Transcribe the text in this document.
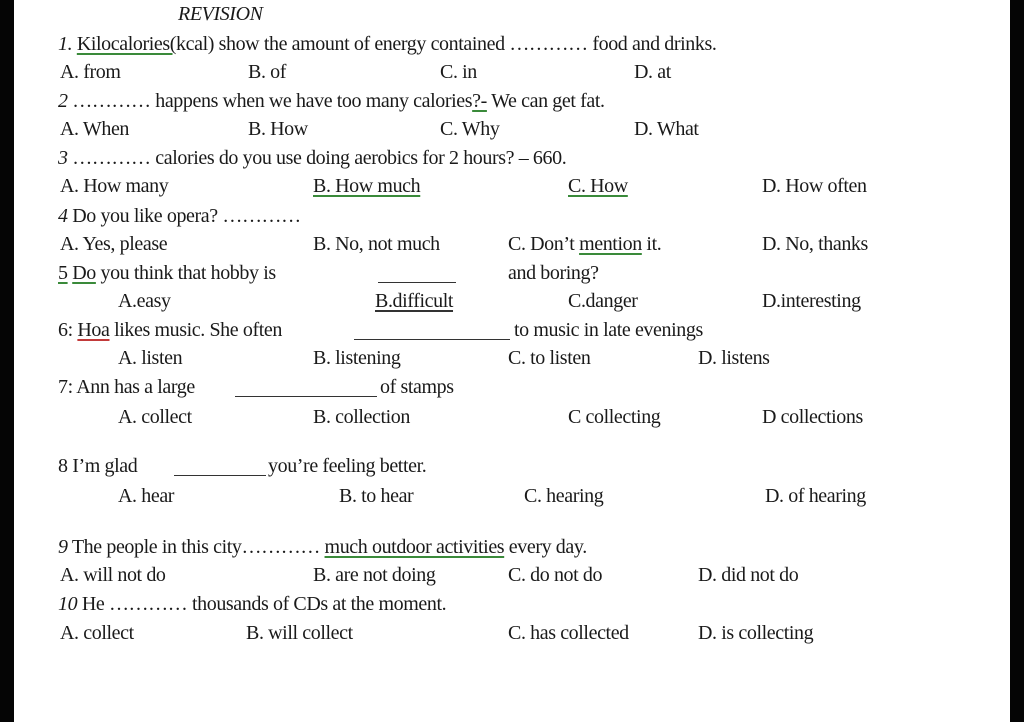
REVISION
1. Kilocalories(kcal) show the amount of energy contained ………… food and drinks.
A. from	B. of	C. in	D. at
2 ………… happens when we have too many calories?- We can get fat.
A. When	B. How	C. Why	D. What
3 ………… calories do you use doing aerobics for 2 hours? – 660.
A. How many	B. How much	C. How	D. How often
4 Do you like opera? …………
A. Yes, please	B. No, not much	C. Don’t mention it.	D. No, thanks
5 Do you think that hobby is	and boring?
A.easy	B.difficult	C.danger	D.interesting
6: Hoa likes music. She often	to music in late evenings
A. listen	B. listening	C. to listen	D. listens
7: Ann has a large	of stamps
A. collect	B. collection	C collecting	D collections
8 I’m glad	you’re feeling better.
A. hear	B. to hear	C. hearing	D. of hearing
9 The people in this city………… much outdoor activities every day.
A. will not do	B. are not doing	C. do not do	D. did not do
10 He ………… thousands of CDs at the moment.
A. collect	B. will collect	C. has collected	D. is collecting
